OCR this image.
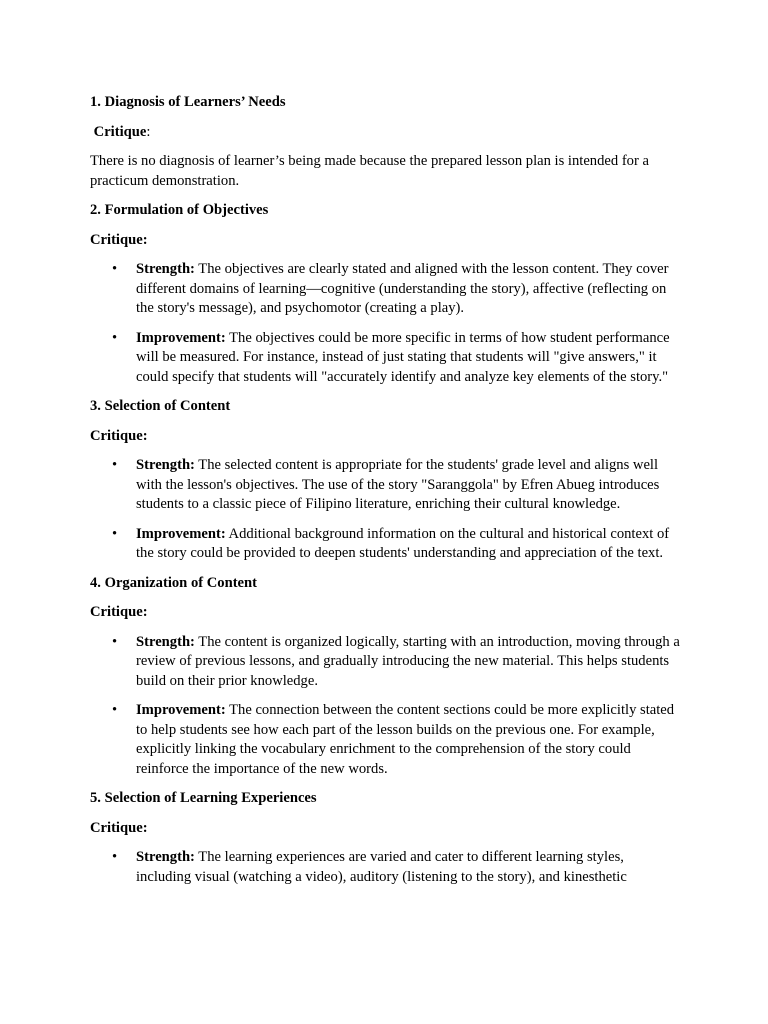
1. Diagnosis of Learners’ Needs
Critique:
There is no diagnosis of learner’s being made because the prepared lesson plan is intended for a practicum demonstration.
2. Formulation of Objectives
Critique:
• Strength: The objectives are clearly stated and aligned with the lesson content. They cover different domains of learning—cognitive (understanding the story), affective (reflecting on the story's message), and psychomotor (creating a play).
• Improvement: The objectives could be more specific in terms of how student performance will be measured. For instance, instead of just stating that students will "give answers," it could specify that students will "accurately identify and analyze key elements of the story."
3. Selection of Content
Critique:
• Strength: The selected content is appropriate for the students' grade level and aligns well with the lesson's objectives. The use of the story "Saranggola" by Efren Abueg introduces students to a classic piece of Filipino literature, enriching their cultural knowledge.
• Improvement: Additional background information on the cultural and historical context of the story could be provided to deepen students' understanding and appreciation of the text.
4. Organization of Content
Critique:
• Strength: The content is organized logically, starting with an introduction, moving through a review of previous lessons, and gradually introducing the new material. This helps students build on their prior knowledge.
• Improvement: The connection between the content sections could be more explicitly stated to help students see how each part of the lesson builds on the previous one. For example, explicitly linking the vocabulary enrichment to the comprehension of the story could reinforce the importance of the new words.
5. Selection of Learning Experiences
Critique:
• Strength: The learning experiences are varied and cater to different learning styles, including visual (watching a video), auditory (listening to the story), and kinesthetic
